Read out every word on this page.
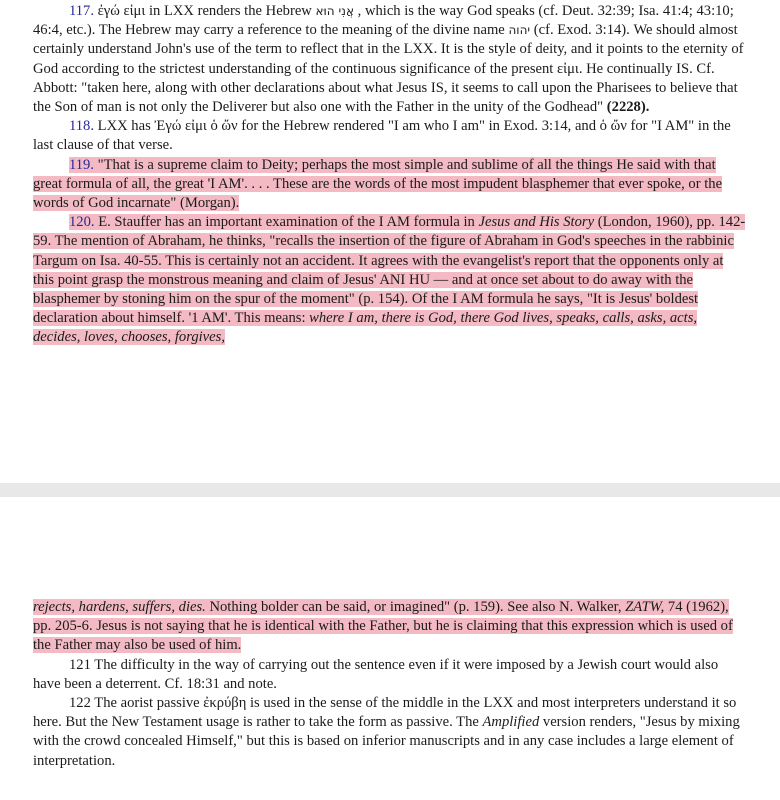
117. ἐγώ εἰμι in LXX renders the Hebrew אֲנִי הוּא , which is the way God speaks (cf. Deut. 32:39; Isa. 41:4; 43:10; 46:4, etc.). The Hebrew may carry a reference to the meaning of the divine name יהוה (cf. Exod. 3:14). We should almost certainly understand John's use of the term to reflect that in the LXX. It is the style of deity, and it points to the eternity of God according to the strictest understanding of the continuous significance of the present εἰμι. He continually IS. Cf. Abbott: "taken here, along with other declarations about what Jesus IS, it seems to call upon the Pharisees to believe that the Son of man is not only the Deliverer but also one with the Father in the unity of the Godhead" (2228).

118. LXX has Ἐγώ εἰμι ὁ ὤν for the Hebrew rendered "I am who I am" in Exod. 3:14, and ὁ ὤν for "I AM" in the last clause of that verse.

119. "That is a supreme claim to Deity; perhaps the most simple and sublime of all the things He said with that great formula of all, the great 'I AM'. . . . These are the words of the most impudent blasphemer that ever spoke, or the words of God incarnate" (Morgan).

120. E. Stauffer has an important examination of the I AM formula in Jesus and His Story (London, 1960), pp. 142-59. The mention of Abraham, he thinks, "recalls the insertion of the figure of Abraham in God's speeches in the rabbinic Targum on Isa. 40-55. This is certainly not an accident. It agrees with the evangelist's report that the opponents only at this point grasp the monstrous meaning and claim of Jesus' ANI HU — and at once set about to do away with the blasphemer by stoning him on the spur of the moment" (p. 154). Of the I AM formula he says, "It is Jesus' boldest declaration about himself. '1 AM'. This means: where I am, there is God, there God lives, speaks, calls, asks, acts, decides, loves, chooses, forgives,

rejects, hardens, suffers, dies. Nothing bolder can be said, or imagined" (p. 159). See also N. Walker, ZATW, 74 (1962), pp. 205-6. Jesus is not saying that he is identical with the Father, but he is claiming that this expression which is used of the Father may also be used of him.

121 The difficulty in the way of carrying out the sentence even if it were imposed by a Jewish court would also have been a deterrent. Cf. 18:31 and note.

122 The aorist passive ἐκρύβη is used in the sense of the middle in the LXX and most interpreters understand it so here. But the New Testament usage is rather to take the form as passive. The Amplified version renders, "Jesus by mixing with the crowd concealed Himself," but this is based on inferior manuscripts and in any case includes a large element of interpretation.
